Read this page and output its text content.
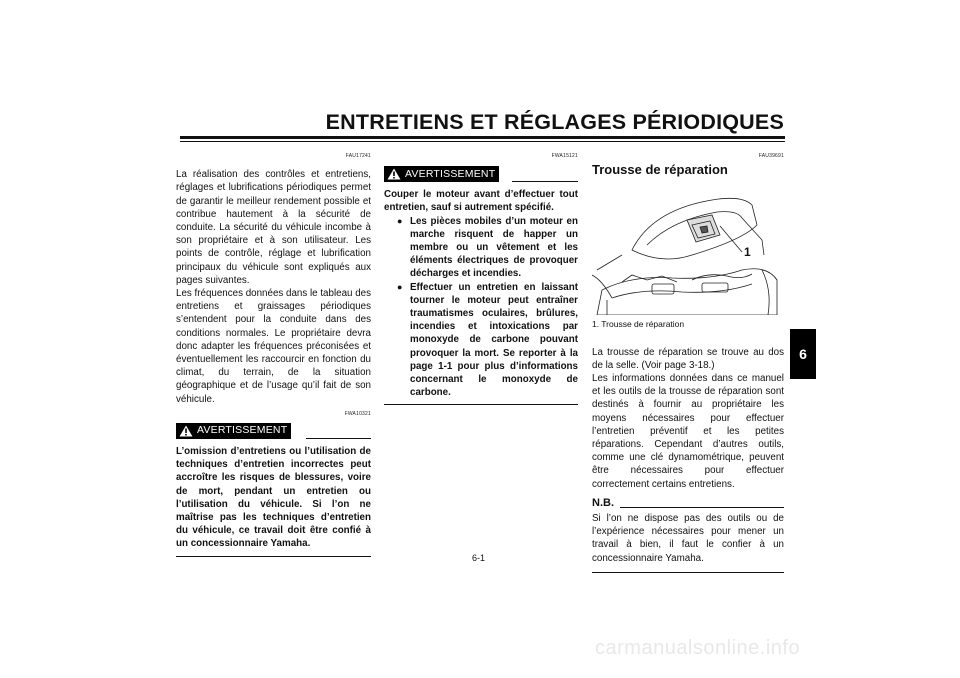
ENTRETIENS ET RÉGLAGES PÉRIODIQUES
6
FAU17241
La réalisation des contrôles et entretiens, réglages et lubrifications périodiques permet de garantir le meilleur rendement possible et contribue hautement à la sécurité de conduite. La sécurité du véhicule incombe à son propriétaire et à son utilisateur. Les points de contrôle, réglage et lubrification principaux du véhicule sont expliqués aux pages suivantes.
Les fréquences données dans le tableau des entretiens et graissages périodiques s’entendent pour la conduite dans des conditions normales. Le propriétaire devra donc adapter les fréquences préconisées et éventuellement les raccourcir en fonction du climat, du terrain, de la situation géographique et de l’usage qu’il fait de son véhicule.
FWA10321
AVERTISSEMENT
L’omission d’entretiens ou l’utilisation de techniques d’entretien incorrectes peut accroître les risques de blessures, voire de mort, pendant un entretien ou l’utilisation du véhicule. Si l’on ne maîtrise pas les techniques d’entretien du véhicule, ce travail doit être confié à un concessionnaire Yamaha.
FWA15121
AVERTISSEMENT
Couper le moteur avant d’effectuer tout entretien, sauf si autrement spécifié.
● Les pièces mobiles d’un moteur en marche risquent de happer un membre ou un vêtement et les éléments électriques de provoquer décharges et incendies.
● Effectuer un entretien en laissant tourner le moteur peut entraîner traumatismes oculaires, brûlures, incendies et intoxications par monoxyde de carbone pouvant provoquer la mort. Se reporter à la page 1-1 pour plus d’informations concernant le monoxyde de carbone.
FAU39691
Trousse de réparation
1
1. Trousse de réparation
La trousse de réparation se trouve au dos de la selle. (Voir page 3-18.)
Les informations données dans ce manuel et les outils de la trousse de réparation sont destinés à fournir au propriétaire les moyens nécessaires pour effectuer l’entretien préventif et les petites réparations. Cependant d’autres outils, comme une clé dynamométrique, peuvent être nécessaires pour effectuer correctement certains entretiens.
N.B.
Si l’on ne dispose pas des outils ou de l’expérience nécessaires pour mener un travail à bien, il faut le confier à un concessionnaire Yamaha.
6-1
carmanualsonline.info
